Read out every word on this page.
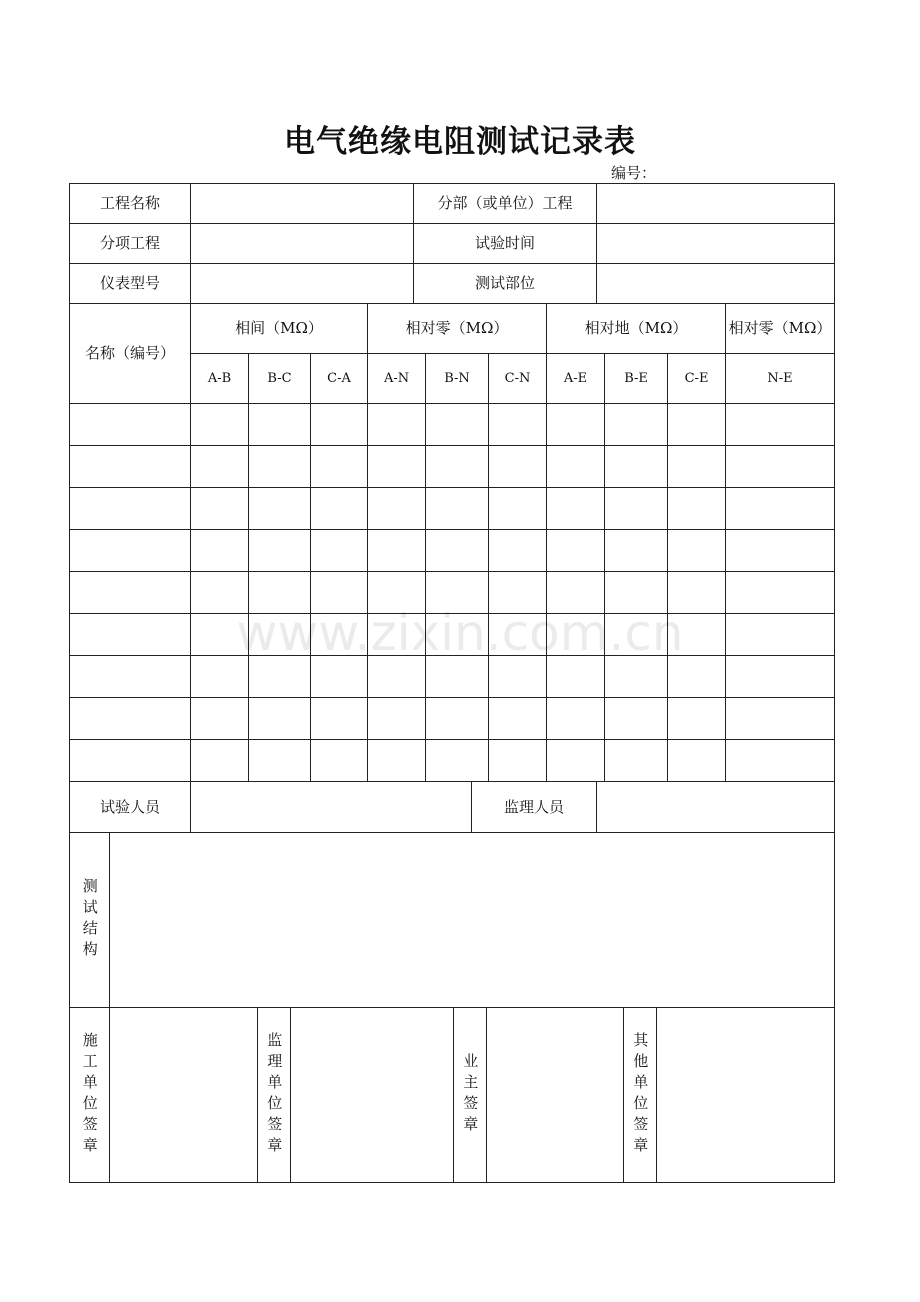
电气绝缘电阻测试记录表
编号：
工程名称		分部（或单位）工程	
分项工程		试验时间	
仪表型号		测试部位	
名称（编号）	相间（MΩ）			相对零（MΩ）			相对地（MΩ）			相对零（MΩ）
	A-B	B-C	C-A	A-N	B-N	C-N	A-E	B-E	C-E	N-E

试验人员		监理人员	
测试结构	
施工单位签章		监理单位签章		业主签章		其他单位签章	
